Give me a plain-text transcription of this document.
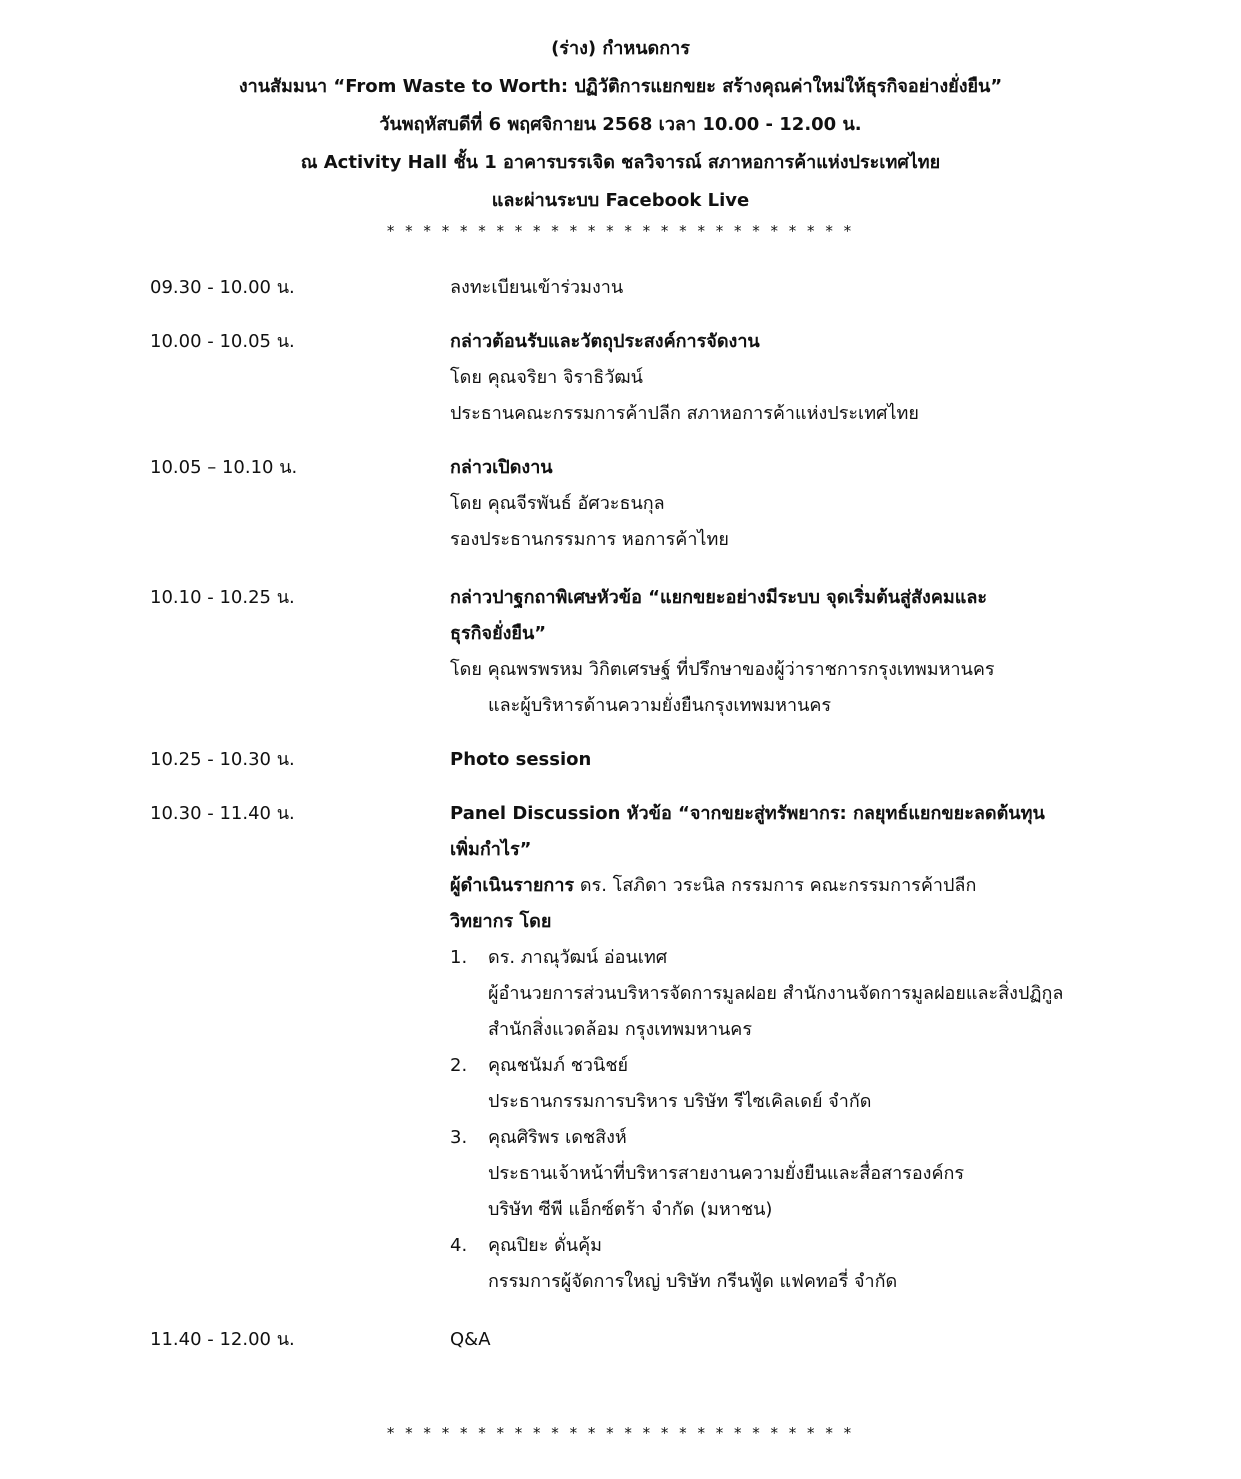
(ร่าง) กำหนดการ
งานสัมมนา “From Waste to Worth: ปฏิวัติการแยกขยะ สร้างคุณค่าใหม่ให้ธุรกิจอย่างยั่งยืน”
วันพฤหัสบดีที่ 6 พฤศจิกายน 2568 เวลา 10.00 - 12.00 น.
ณ Activity Hall ชั้น 1 อาคารบรรเจิด ชลวิจารณ์ สภาหอการค้าแห่งประเทศไทย
และผ่านระบบ Facebook Live
* * * * * * * * * * * * * * * * * * * * * * * * * *
09.30 - 10.00 น.	ลงทะเบียนเข้าร่วมงาน
10.00 - 10.05 น.	กล่าวต้อนรับและวัตถุประสงค์การจัดงาน
โดย คุณจริยา จิราธิวัฒน์
ประธานคณะกรรมการค้าปลีก สภาหอการค้าแห่งประเทศไทย
10.05 – 10.10 น.	กล่าวเปิดงาน
โดย คุณจีรพันธ์ อัศวะธนกุล
รองประธานกรรมการ หอการค้าไทย
10.10 - 10.25 น.	กล่าวปาฐกถาพิเศษหัวข้อ “แยกขยะอย่างมีระบบ จุดเริ่มต้นสู่สังคมและ
ธุรกิจยั่งยืน”
โดย คุณพรพรหม วิกิตเศรษฐ์ ที่ปรึกษาของผู้ว่าราชการกรุงเทพมหานคร
และผู้บริหารด้านความยั่งยืนกรุงเทพมหานคร
10.25 - 10.30 น.	Photo session
10.30 - 11.40 น.	Panel Discussion หัวข้อ “จากขยะสู่ทรัพยากร: กลยุทธ์แยกขยะลดต้นทุน
เพิ่มกำไร”
ผู้ดำเนินรายการ ดร. โสภิดา วระนิล กรรมการ คณะกรรมการค้าปลีก
วิทยากร โดย
1. ดร. ภาณุวัฒน์ อ่อนเทศ
ผู้อำนวยการส่วนบริหารจัดการมูลฝอย สำนักงานจัดการมูลฝอยและสิ่งปฏิกูล
สำนักสิ่งแวดล้อม กรุงเทพมหานคร
2. คุณชนัมภ์ ชวนิชย์
ประธานกรรมการบริหาร บริษัท รีไซเคิลเดย์ จำกัด
3. คุณศิริพร เดชสิงห์
ประธานเจ้าหน้าที่บริหารสายงานความยั่งยืนและสื่อสารองค์กร
บริษัท ซีพี แอ็กซ์ตร้า จำกัด (มหาชน)
4. คุณปิยะ ดั่นคุ้ม
กรรมการผู้จัดการใหญ่ บริษัท กรีนฟู้ด แฟคทอรี่ จำกัด
11.40 - 12.00 น.	Q&A
* * * * * * * * * * * * * * * * * * * * * * * * * *
